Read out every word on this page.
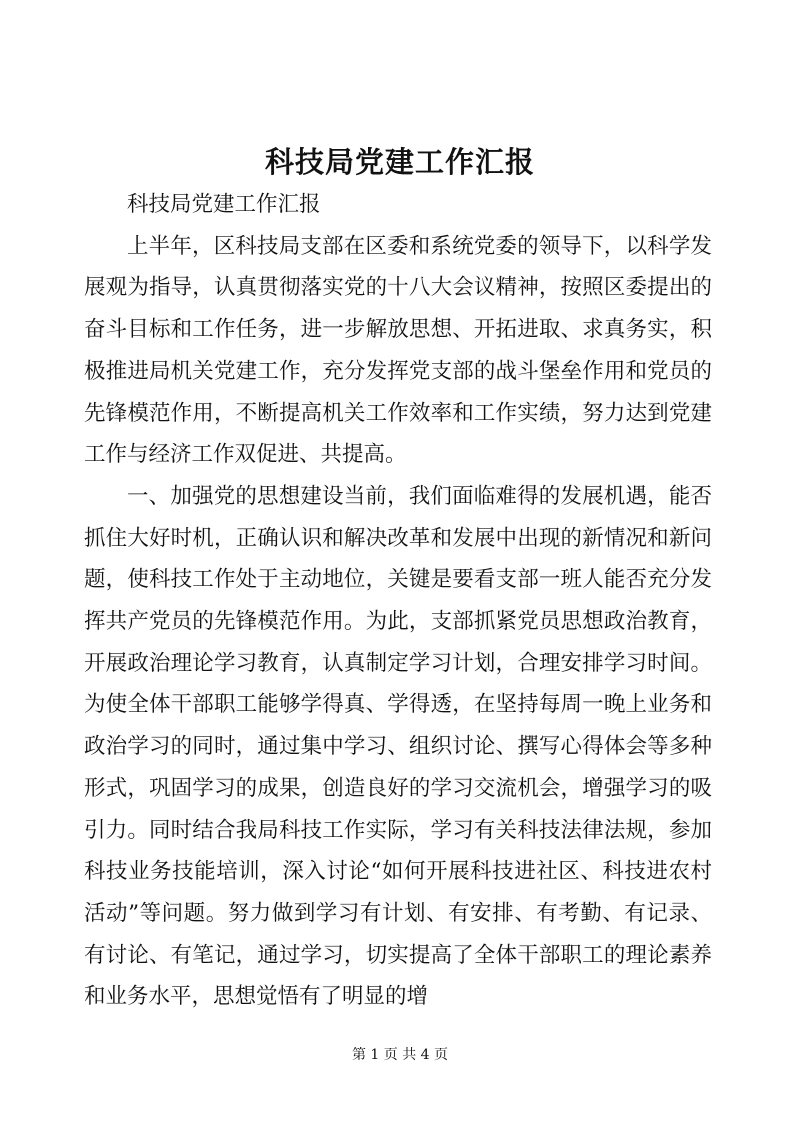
科技局党建工作汇报

科技局党建工作汇报

上半年，区科技局支部在区委和系统党委的领导下，以科学发展观为指导，认真贯彻落实党的十八大会议精神，按照区委提出的奋斗目标和工作任务，进一步解放思想、开拓进取、求真务实，积极推进局机关党建工作，充分发挥党支部的战斗堡垒作用和党员的先锋模范作用，不断提高机关工作效率和工作实绩，努力达到党建工作与经济工作双促进、共提高。

一、加强党的思想建设当前，我们面临难得的发展机遇，能否抓住大好时机，正确认识和解决改革和发展中出现的新情况和新问题，使科技工作处于主动地位，关键是要看支部一班人能否充分发挥共产党员的先锋模范作用。为此，支部抓紧党员思想政治教育，开展政治理论学习教育，认真制定学习计划，合理安排学习时间。为使全体干部职工能够学得真、学得透，在坚持每周一晚上业务和政治学习的同时，通过集中学习、组织讨论、撰写心得体会等多种形式，巩固学习的成果，创造良好的学习交流机会，增强学习的吸引力。同时结合我局科技工作实际，学习有关科技法律法规，参加科技业务技能培训，深入讨论“如何开展科技进社区、科技进农村活动”等问题。努力做到学习有计划、有安排、有考勤、有记录、有讨论、有笔记，通过学习，切实提高了全体干部职工的理论素养和业务水平，思想觉悟有了明显的增

第 1 页 共 4 页
